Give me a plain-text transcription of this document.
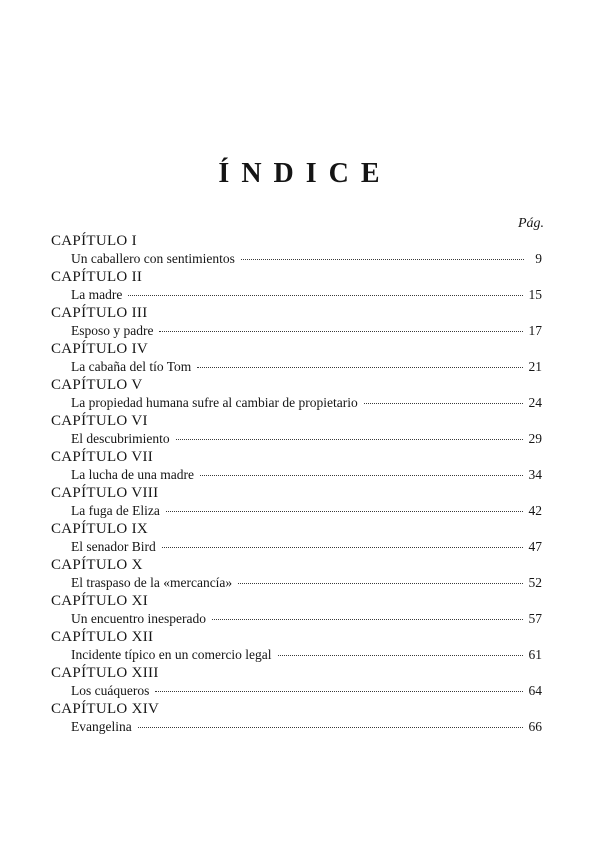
ÍNDICE
Pág.
CAPÍTULO I
Un caballero con sentimientos	9
CAPÍTULO II
La madre	15
CAPÍTULO III
Esposo y padre	17
CAPÍTULO IV
La cabaña del tío Tom	21
CAPÍTULO V
La propiedad humana sufre al cambiar de propietario	24
CAPÍTULO VI
El descubrimiento	29
CAPÍTULO VII
La lucha de una madre	34
CAPÍTULO VIII
La fuga de Eliza	42
CAPÍTULO IX
El senador Bird	47
CAPÍTULO X
El traspaso de la «mercancía»	52
CAPÍTULO XI
Un encuentro inesperado	57
CAPÍTULO XII
Incidente típico en un comercio legal	61
CAPÍTULO XIII
Los cuáqueros	64
CAPÍTULO XIV
Evangelina	66
